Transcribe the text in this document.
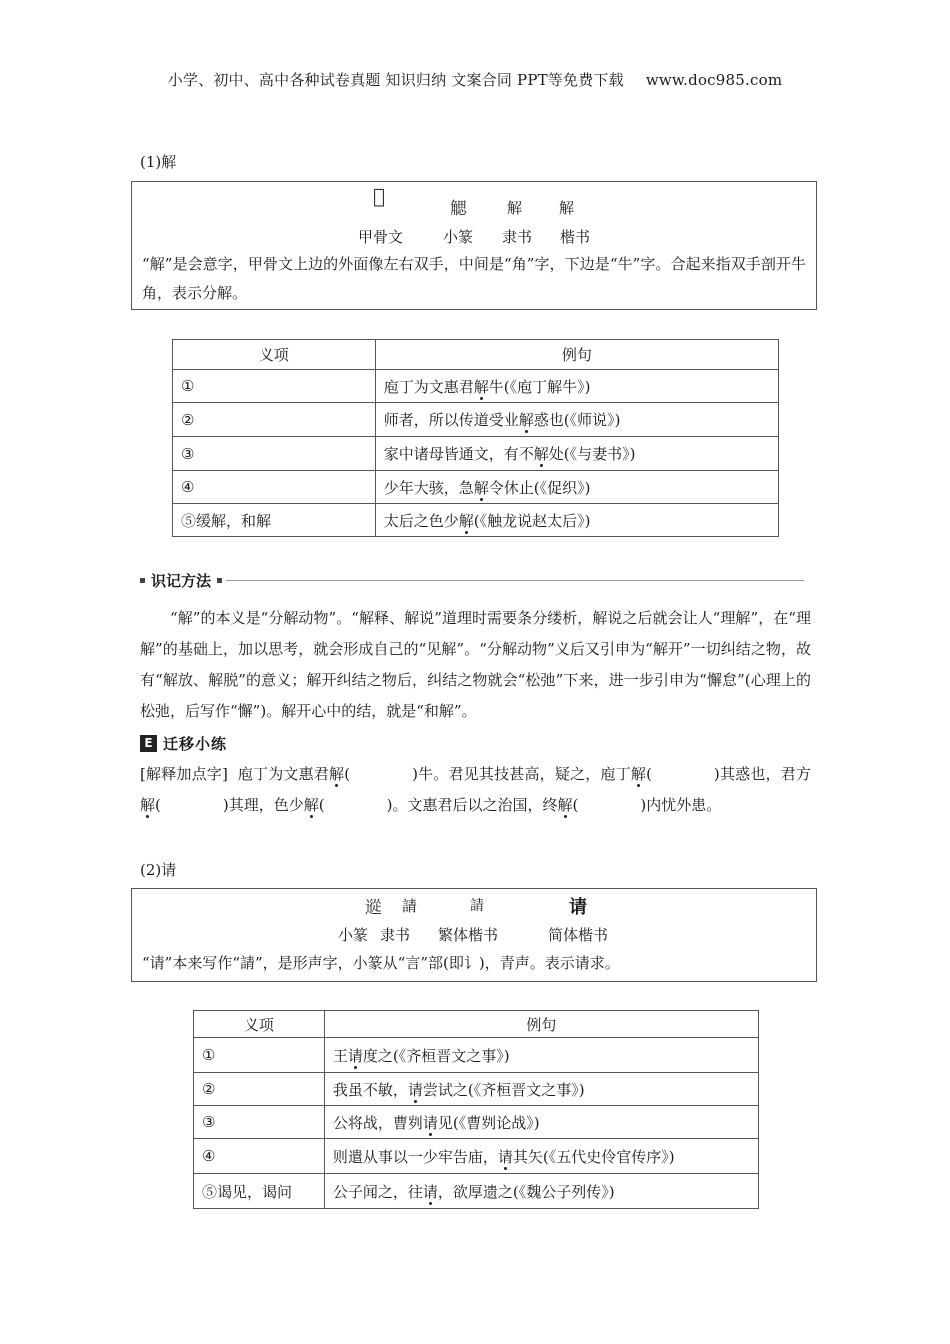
小学、初中、高中各种试卷真题 知识归纳 文案合同 PPT等免费下载 www.doc985.com
(1)解
𤓰
䚡	解 解
甲骨文	小篆 隶书 楷书
“解”是会意字，甲骨文上边的外面像左右双手，中间是“角”字，下边是“牛”字。合起来指双手剖开牛角，表示分解。
义项	例句
①	庖丁为文惠君解牛(《庖丁解牛》)
②	师者，所以传道受业解惑也(《师说》)
③	家中诸母皆通文，有不解处(《与妻书》)
④	少年大骇，急解令休止(《促织》)
⑤缓解，和解	太后之色少解(《触龙说赵太后》)
识记方法
“解”的本义是“分解动物”。“解释、解说”道理时需要条分缕析，解说之后就会让人“理解”，在“理解”的基础上，加以思考，就会形成自己的“见解”。“分解动物”义后又引申为“解开”一切纠结之物，故有“解放、解脱”的意义；解开纠结之物后，纠结之物就会“松弛”下来，进一步引申为“懈怠”(心理上的松弛，后写作“懈”)。解开心中的结，就是“和解”。
E 迁移小练
[解释加点字] 庖丁为文惠君解(	)牛。君见其技甚高，疑之，庖丁解(	)其惑也，君方解(	)其理，色少解(	)。文惠君后以之治国，终解(	)内忧外患。
(2)请
䢨 請	請	请
小篆 隶书 繁体楷书	简体楷书
“请”本来写作“請”，是形声字，小篆从“言”部(即讠)，青声。表示请求。
义项	例句
①	王请度之(《齐桓晋文之事》)
②	我虽不敏，请尝试之(《齐桓晋文之事》)
③	公将战，曹刿请见(《曹刿论战》)
④	则遣从事以一少牢告庙，请其矢(《五代史伶官传序》)
⑤谒见，谒问	公子闻之，往请，欲厚遗之(《魏公子列传》)
